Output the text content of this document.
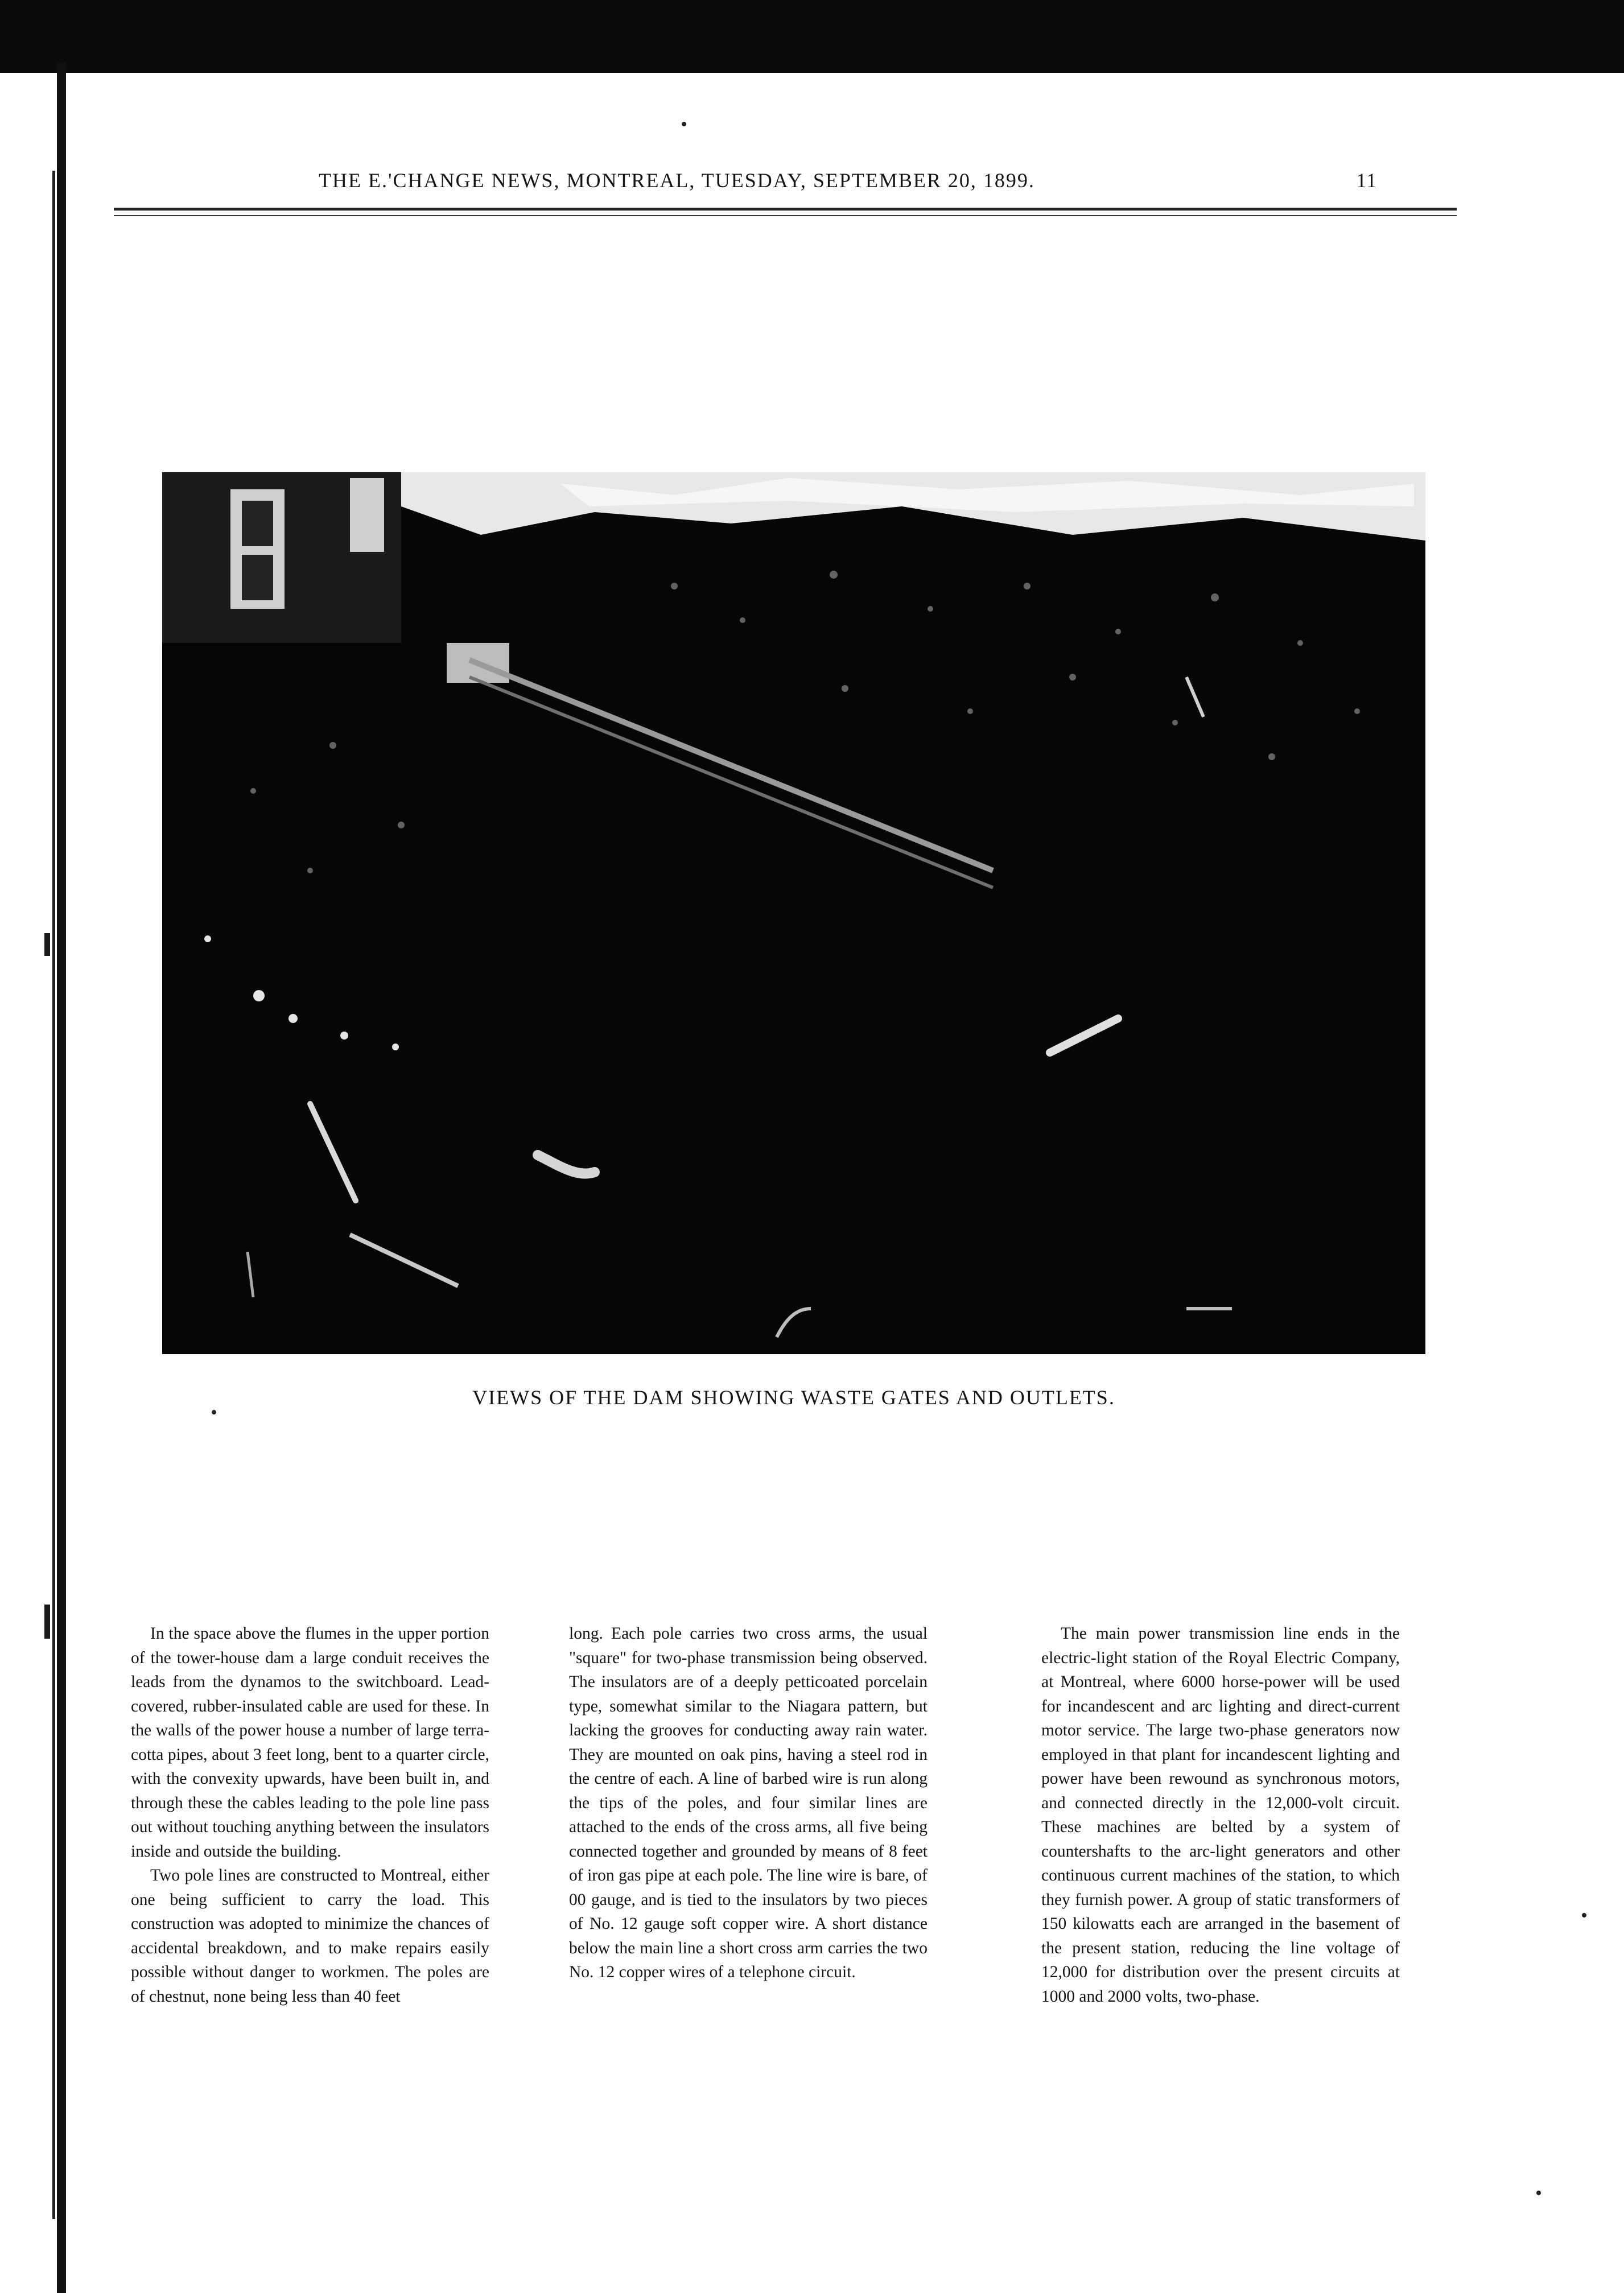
THE E.'CHANGE NEWS, MONTREAL, TUESDAY, SEPTEMBER 20, 1899.	11
VIEWS OF THE DAM SHOWING WASTE GATES AND OUTLETS.

In the space above the flumes in the upper portion of the tower-house dam a large conduit receives the leads from the dynamos to the switchboard. Lead-covered, rubber-insulated cable are used for these. In the walls of the power house a number of large terra-cotta pipes, about 3 feet long, bent to a quarter circle, with the convexity upwards, have been built in, and through these the cables leading to the pole line pass out without touching anything between the insulators inside and outside the building.

Two pole lines are constructed to Montreal, either one being sufficient to carry the load. This construction was adopted to minimize the chances of accidental breakdown, and to make repairs easily possible without danger to workmen. The poles are of chestnut, none being less than 40 feet

long. Each pole carries two cross arms, the usual "square" for two-phase transmission being observed. The insulators are of a deeply petticoated porcelain type, somewhat similar to the Niagara pattern, but lacking the grooves for conducting away rain water. They are mounted on oak pins, having a steel rod in the centre of each. A line of barbed wire is run along the tips of the poles, and four similar lines are attached to the ends of the cross arms, all five being connected together and grounded by means of 8 feet of iron gas pipe at each pole. The line wire is bare, of 00 gauge, and is tied to the insulators by two pieces of No. 12 gauge soft copper wire. A short distance below the main line a short cross arm carries the two No. 12 copper wires of a telephone circuit.

The main power transmission line ends in the electric-light station of the Royal Electric Company, at Montreal, where 6000 horse-power will be used for incandescent and arc lighting and direct-current motor service. The large two-phase generators now employed in that plant for incandescent lighting and power have been rewound as synchronous motors, and connected directly in the 12,000-volt circuit. These machines are belted by a system of countershafts to the arc-light generators and other continuous current machines of the station, to which they furnish power. A group of static transformers of 150 kilowatts each are arranged in the basement of the present station, reducing the line voltage of 12,000 for distribution over the present circuits at 1000 and 2000 volts, two-phase.
